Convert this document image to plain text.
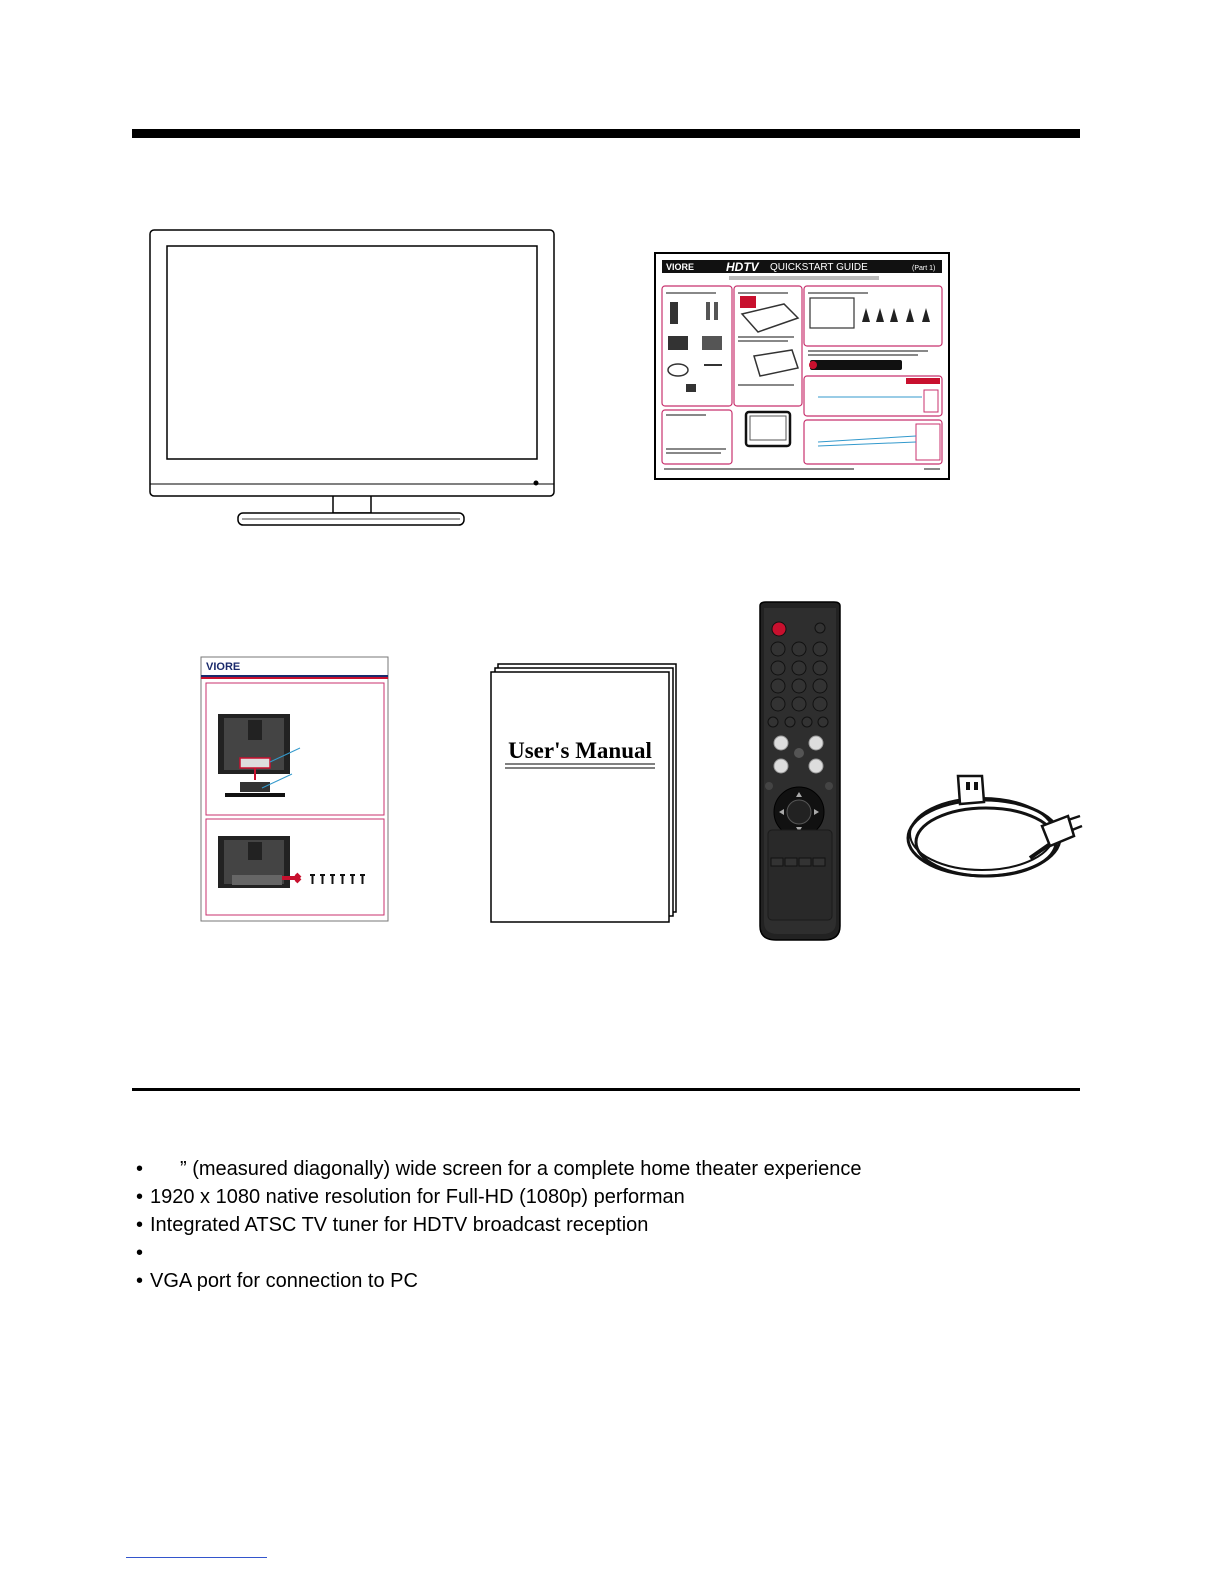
VIORE	HDTV QUICKSTART GUIDE	(Part 1)
VIORE
User's Manual
• ” (measured diagonally) wide screen for a complete home theater experience
• 1920 x 1080 native resolution for Full-HD (1080p) performan
• Integrated ATSC TV tuner for HDTV broadcast reception
•
• VGA port for connection to PC
